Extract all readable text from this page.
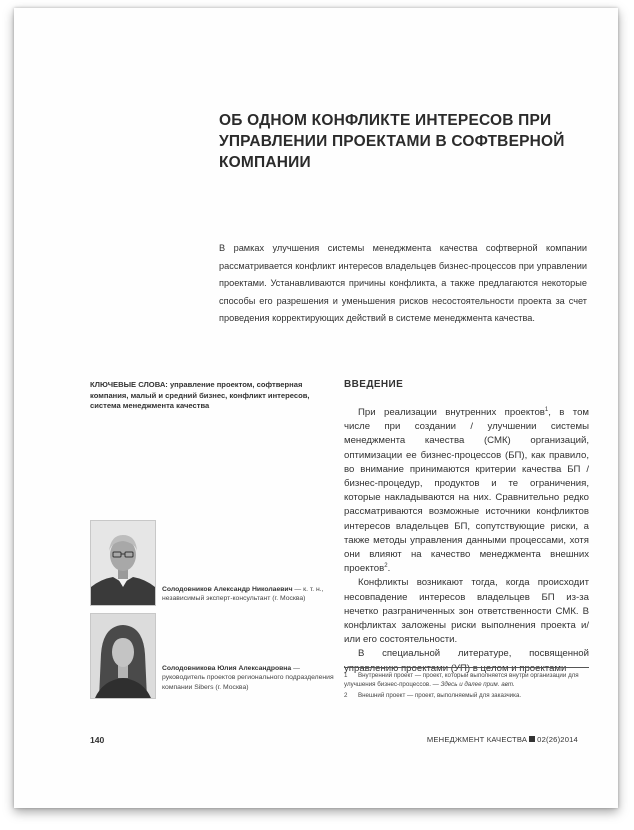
ОБ ОДНОМ КОНФЛИКТЕ ИНТЕРЕСОВ ПРИ УПРАВЛЕНИИ ПРОЕКТАМИ В СОФТВЕРНОЙ КОМПАНИИ

В рамках улучшения системы менеджмента качества софтверной компании рассматривается конфликт интересов владельцев бизнес-процессов при управлении проектами. Устанавливаются причины конфликта, а также предлагаются некоторые способы его разрешения и уменьшения рисков несостоятельности проекта за счет проведения корректирующих действий в системе менеджмента качества.

КЛЮЧЕВЫЕ СЛОВА: управление проектом, софтверная компания, малый и средний бизнес, конфликт интересов, система менеджмента качества
ВВЕДЕНИЕ

При реализации внутренних проектов$^1$, в том числе при создании / улучшении системы менеджмента качества (СМК) организаций, оптимизации ее бизнес-процессов (БП), как правило, во внимание принимаются критерии качества БП / бизнес-процедур, продуктов и те ограничения, которые накладываются на них. Сравнительно редко рассматриваются возможные источники конфликтов интересов владельцев БП, сопутствующие риски, а также методы управления данными процессами, хотя они влияют на качество менеджмента внешних проектов$^2$.

Конфликты возникают тогда, когда происходит несовпадение интересов владельцев БП из-за нечетко разграниченных зон ответственности СМК. В конфликтах заложены риски выполнения проекта и/или его состоятельности.

В специальной литературе, посвященной управлению проектами (УП) в целом и проектами

Солодовников Александр Николаевич — к. т. н., независимый эксперт-консультант (г. Москва)
Солодовникова Юлия Александровна — руководитель проектов регионального подразделения компании Sibers (г. Москва)
1 Внутренний проект — проект, который выполняется внутри организации для улучшения бизнес-процессов. — Здесь и далее прим. авт.
2 Внешний проект — проект, выполняемый для заказчика.
140	МЕНЕДЖМЕНТ КАЧЕСТВА 02(26)2014
